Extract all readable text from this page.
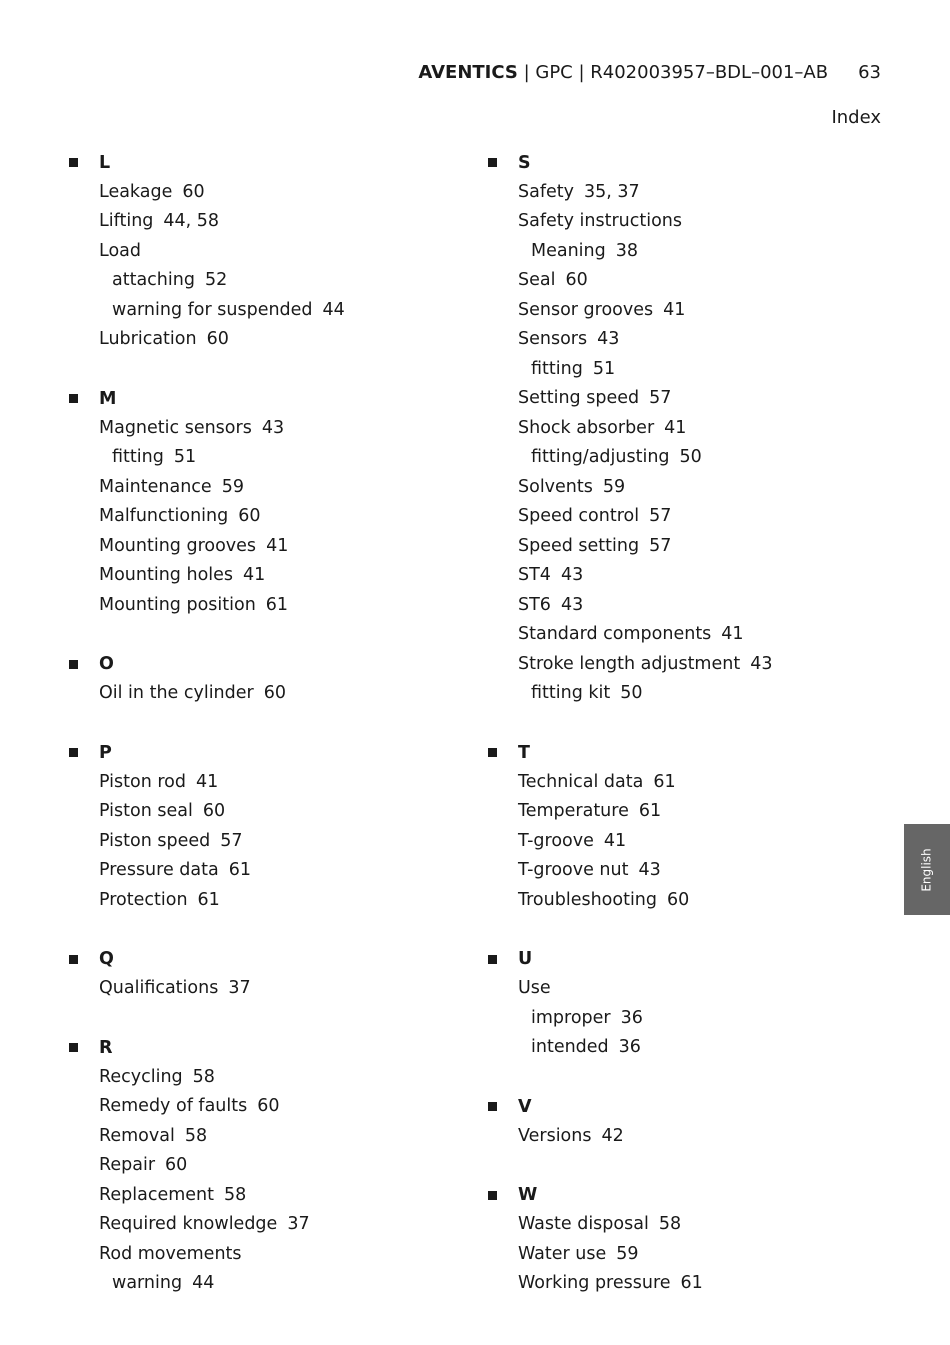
AVENTICS | GPC | R402003957–BDL–001–AB 63
Index
L
Leakage 60
Lifting 44, 58
Load
attaching 52
warning for suspended 44
Lubrication 60
M
Magnetic sensors 43
fitting 51
Maintenance 59
Malfunctioning 60
Mounting grooves 41
Mounting holes 41
Mounting position 61
O
Oil in the cylinder 60
P
Piston rod 41
Piston seal 60
Piston speed 57
Pressure data 61
Protection 61
Q
Qualifications 37
R
Recycling 58
Remedy of faults 60
Removal 58
Repair 60
Replacement 58
Required knowledge 37
Rod movements
warning 44
S
Safety 35, 37
Safety instructions
Meaning 38
Seal 60
Sensor grooves 41
Sensors 43
fitting 51
Setting speed 57
Shock absorber 41
fitting/adjusting 50
Solvents 59
Speed control 57
Speed setting 57
ST4 43
ST6 43
Standard components 41
Stroke length adjustment 43
fitting kit 50
T
Technical data 61
Temperature 61
T-groove 41
T-groove nut 43
Troubleshooting 60
U
Use
improper 36
intended 36
V
Versions 42
W
Waste disposal 58
Water use 59
Working pressure 61
English
